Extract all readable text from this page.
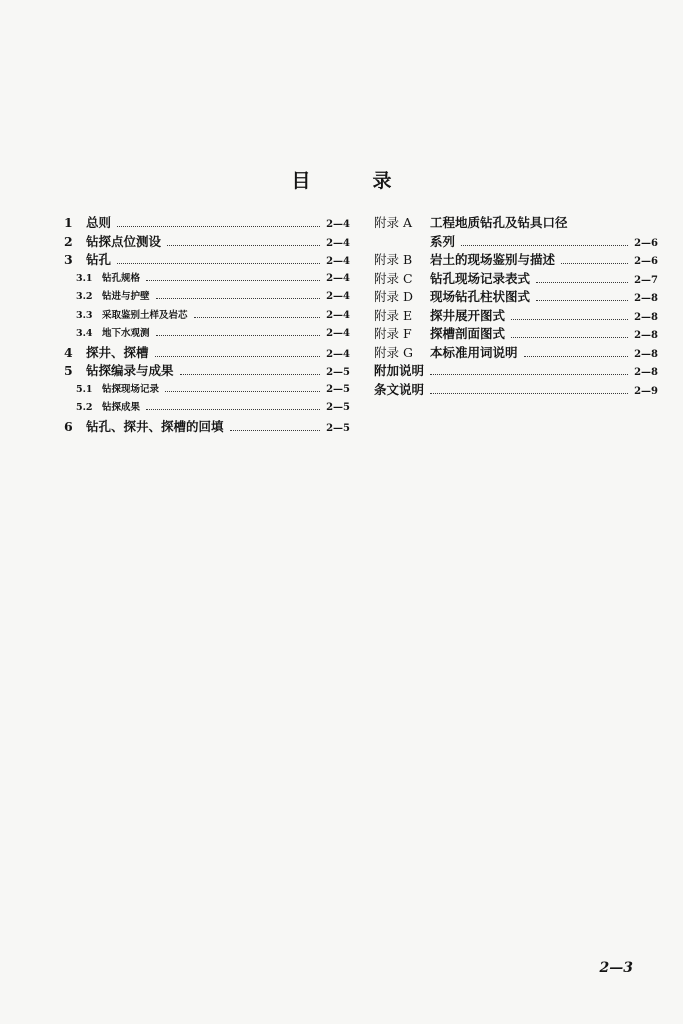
目	录
1	总则	2—4
2	钻探点位测设	2—4
3	钻孔	2—4
3.1 钻孔规格	2—4
3.2 钻进与护壁	2—4
3.3 采取鉴别土样及岩芯	2—4
3.4 地下水观测	2—4
4	探井、探槽	2—4
5	钻探编录与成果	2—5
5.1 钻探现场记录	2—5
5.2 钻探成果	2—5
6	钻孔、探井、探槽的回填	2—5
附录 A	工程地质钻孔及钻具口径
系列	2—6
附录 B	岩土的现场鉴别与描述	2—6
附录 C	钻孔现场记录表式	2—7
附录 D	现场钻孔柱状图式	2—8
附录 E	探井展开图式	2—8
附录 F	探槽剖面图式	2—8
附录 G	本标准用词说明	2—8
附加说明	2—8
条文说明	2—9
2—3
